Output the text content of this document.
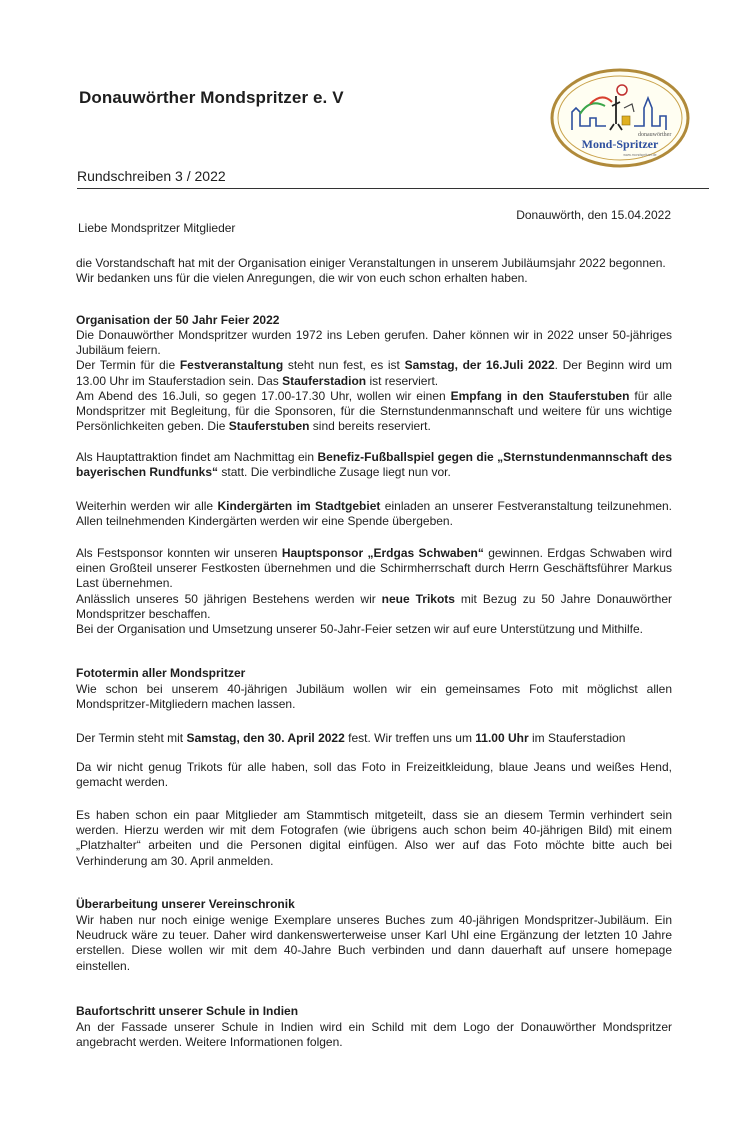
Donauwörther Mondspritzer e. V
donauwörther
Mond-Spritzer
www.mondspritzer.de
Rundschreiben 3 / 2022
Donauwörth, den 15.04.2022
Liebe Mondspritzer Mitglieder

die Vorstandschaft hat mit der Organisation einiger Veranstaltungen in unserem Jubiläumsjahr 2022 begonnen.

Wir bedanken uns für die vielen Anregungen, die wir von euch schon erhalten haben.

Organisation der 50 Jahr Feier 2022

Die Donauwörther Mondspritzer wurden 1972 ins Leben gerufen. Daher können wir in 2022 unser 50-jähriges Jubiläum feiern.
Der Termin für die Festveranstaltung steht nun fest, es ist Samstag, der 16.Juli 2022. Der Beginn wird um 13.00 Uhr im Stauferstadion sein. Das Stauferstadion ist reserviert.
Am Abend des 16.Juli, so gegen 17.00-17.30 Uhr, wollen wir einen Empfang in den Stauferstuben für alle Mondspritzer mit Begleitung, für die Sponsoren, für die Sternstundenmannschaft und weitere für uns wichtige Persönlichkeiten geben. Die Stauferstuben sind bereits reserviert.

Als Hauptattraktion findet am Nachmittag ein Benefiz-Fußballspiel gegen die „Sternstundenmannschaft des bayerischen Rundfunks“ statt. Die verbindliche Zusage liegt nun vor.

Weiterhin werden wir alle Kindergärten im Stadtgebiet einladen an unserer Festveranstaltung teilzunehmen. Allen teilnehmenden Kindergärten werden wir eine Spende übergeben.

Als Festsponsor konnten wir unseren Hauptsponsor „Erdgas Schwaben“ gewinnen. Erdgas Schwaben wird einen Großteil unserer Festkosten übernehmen und die Schirmherrschaft durch Herrn Geschäftsführer Markus Last übernehmen.
Anlässlich unseres 50 jährigen Bestehens werden wir neue Trikots mit Bezug zu 50 Jahre Donauwörther Mondspritzer beschaffen.
Bei der Organisation und Umsetzung unserer 50-Jahr-Feier setzen wir auf eure Unterstützung und Mithilfe.

Fototermin aller Mondspritzer

Wie schon bei unserem 40-jährigen Jubiläum wollen wir ein gemeinsames Foto mit möglichst allen Mondspritzer-Mitgliedern machen lassen.

Der Termin steht mit Samstag, den 30. April 2022 fest. Wir treffen uns um 11.00 Uhr im Stauferstadion

Da wir nicht genug Trikots für alle haben, soll das Foto in Freizeitkleidung, blaue Jeans und weißes Hend, gemacht werden.

Es haben schon ein paar Mitglieder am Stammtisch mitgeteilt, dass sie an diesem Termin verhindert sein werden. Hierzu werden wir mit dem Fotografen (wie übrigens auch schon beim 40-jährigen Bild) mit einem „Platzhalter“ arbeiten und die Personen digital einfügen. Also wer auf das Foto möchte bitte auch bei Verhinderung am 30. April anmelden.

Überarbeitung unserer Vereinschronik

Wir haben nur noch einige wenige Exemplare unseres Buches zum 40-jährigen Mondspritzer-Jubiläum. Ein Neudruck wäre zu teuer. Daher wird dankenswerterweise unser Karl Uhl eine Ergänzung der letzten 10 Jahre erstellen. Diese wollen wir mit dem 40-Jahre Buch verbinden und dann dauerhaft auf unsere homepage einstellen.

Baufortschritt unserer Schule in Indien

An der Fassade unserer Schule in Indien wird ein Schild mit dem Logo der Donauwörther Mondspritzer angebracht werden. Weitere Informationen folgen.
